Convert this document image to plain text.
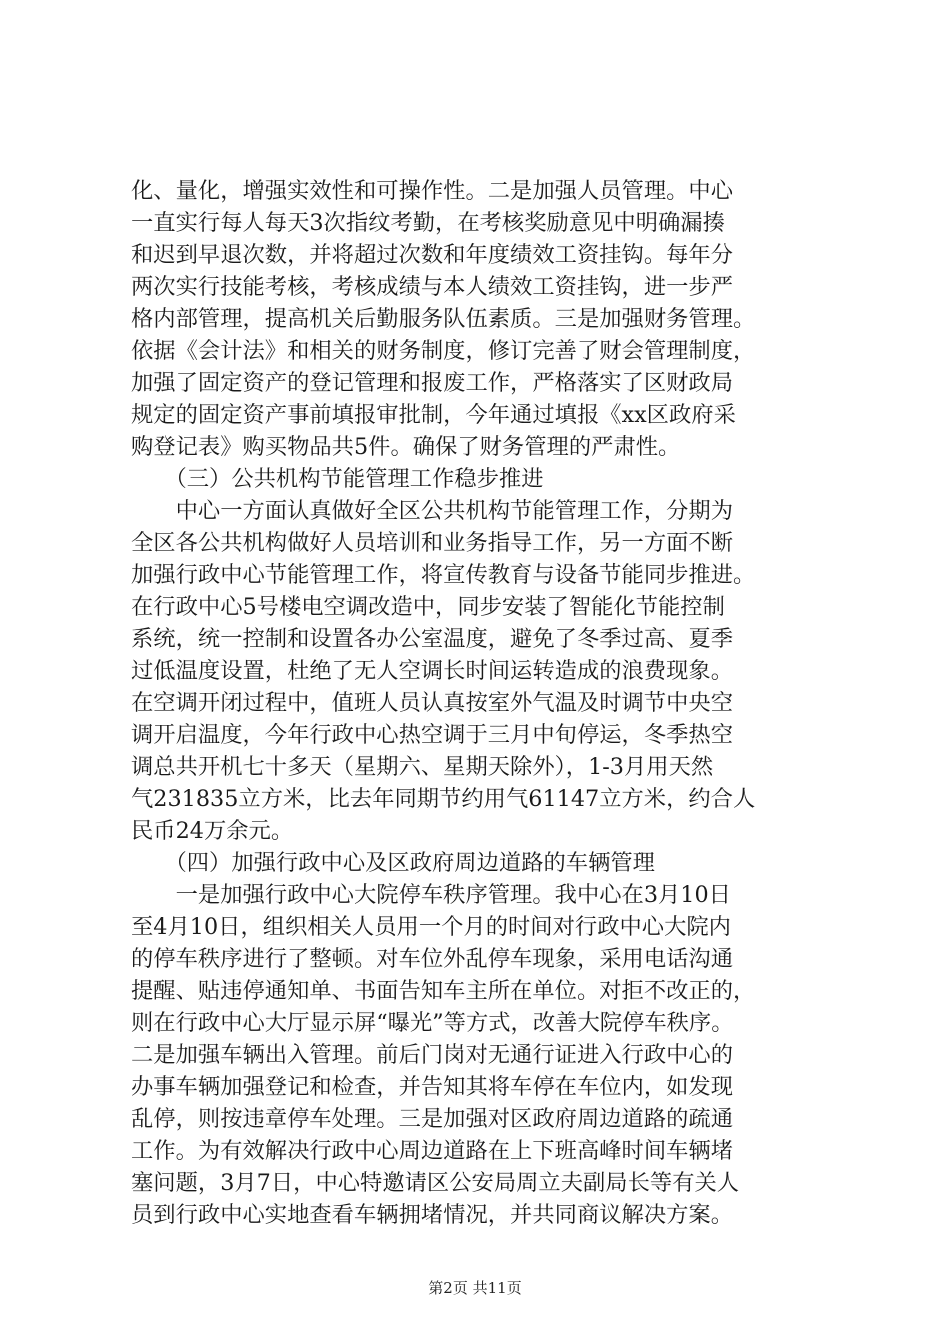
化、量化，增强实效性和可操作性。二是加强人员管理。中心
一直实行每人每天3次指纹考勤，在考核奖励意见中明确漏揍
和迟到早退次数，并将超过次数和年度绩效工资挂钩。每年分
两次实行技能考核，考核成绩与本人绩效工资挂钩，进一步严
格内部管理，提高机关后勤服务队伍素质。三是加强财务管理。
依据《会计法》和相关的财务制度，修订完善了财会管理制度，
加强了固定资产的登记管理和报废工作，严格落实了区财政局
规定的固定资产事前填报审批制，今年通过填报《xx区政府采
购登记表》购买物品共5件。确保了财务管理的严肃性。
　　（三）公共机构节能管理工作稳步推进
　　中心一方面认真做好全区公共机构节能管理工作，分期为
全区各公共机构做好人员培训和业务指导工作，另一方面不断
加强行政中心节能管理工作，将宣传教育与设备节能同步推进。
在行政中心5号楼电空调改造中，同步安装了智能化节能控制
系统，统一控制和设置各办公室温度，避免了冬季过高、夏季
过低温度设置，杜绝了无人空调长时间运转造成的浪费现象。
在空调开闭过程中，值班人员认真按室外气温及时调节中央空
调开启温度，今年行政中心热空调于三月中旬停运，冬季热空
调总共开机七十多天（星期六、星期天除外），1-3月用天然
气231835立方米，比去年同期节约用气61147立方米，约合人
民币24万余元。
　　（四）加强行政中心及区政府周边道路的车辆管理
　　一是加强行政中心大院停车秩序管理。我中心在3月10日
至4月10日，组织相关人员用一个月的时间对行政中心大院内
的停车秩序进行了整顿。对车位外乱停车现象，采用电话沟通
提醒、贴违停通知单、书面告知车主所在单位。对拒不改正的，
则在行政中心大厅显示屏“曝光”等方式，改善大院停车秩序。
二是加强车辆出入管理。前后门岗对无通行证进入行政中心的
办事车辆加强登记和检查，并告知其将车停在车位内，如发现
乱停，则按违章停车处理。三是加强对区政府周边道路的疏通
工作。为有效解决行政中心周边道路在上下班高峰时间车辆堵
塞问题，3月7日，中心特邀请区公安局周立夫副局长等有关人
员到行政中心实地查看车辆拥堵情况，并共同商议解决方案。
第2页 共11页
